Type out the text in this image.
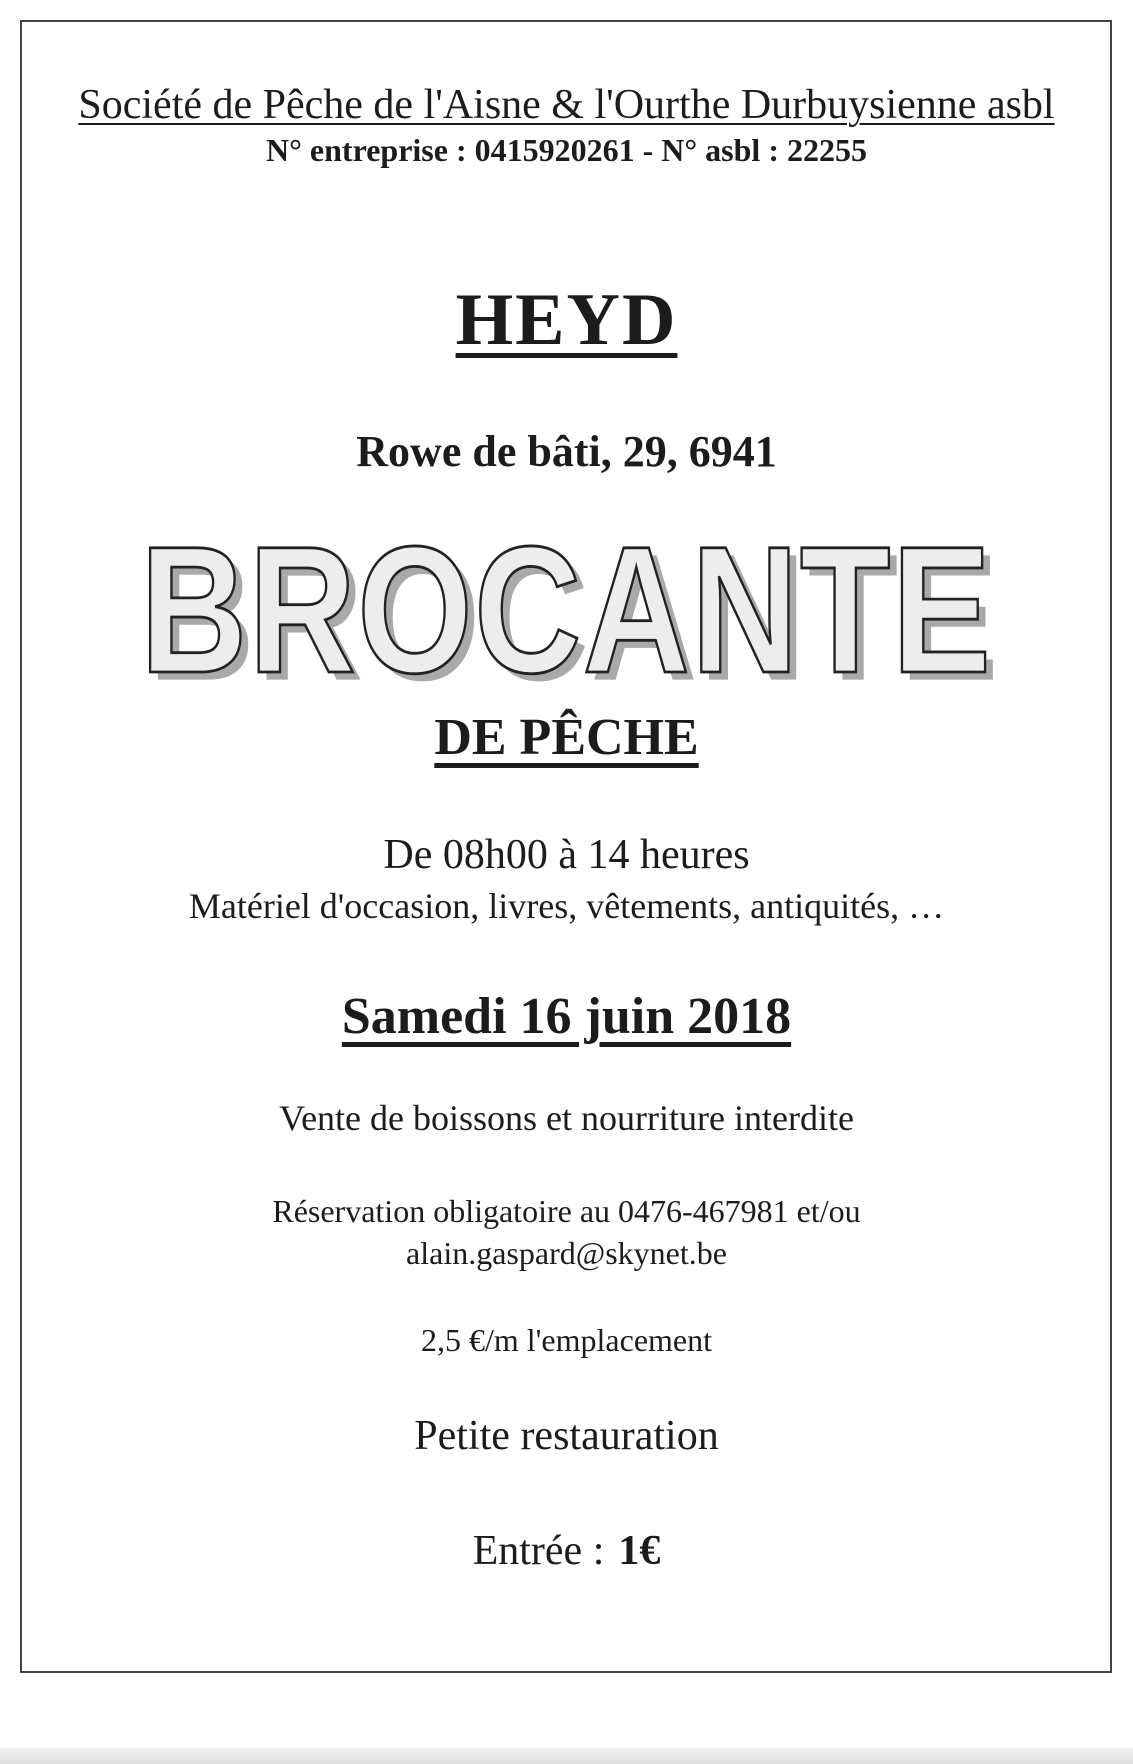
Société de Pêche de l'Aisne & l'Ourthe Durbuysienne asbl
N° entreprise : 0415920261 - N° asbl : 22255
HEYD
Rowe de bâti, 29, 6941
BROCANTE
DE PÊCHE
De 08h00 à 14 heures
Matériel d'occasion, livres, vêtements, antiquités, …
Samedi 16 juin 2018
Vente de boissons et nourriture interdite
Réservation obligatoire au 0476-467981 et/ou
alain.gaspard@skynet.be
2,5 €/m l'emplacement
Petite restauration
Entrée : 1€
